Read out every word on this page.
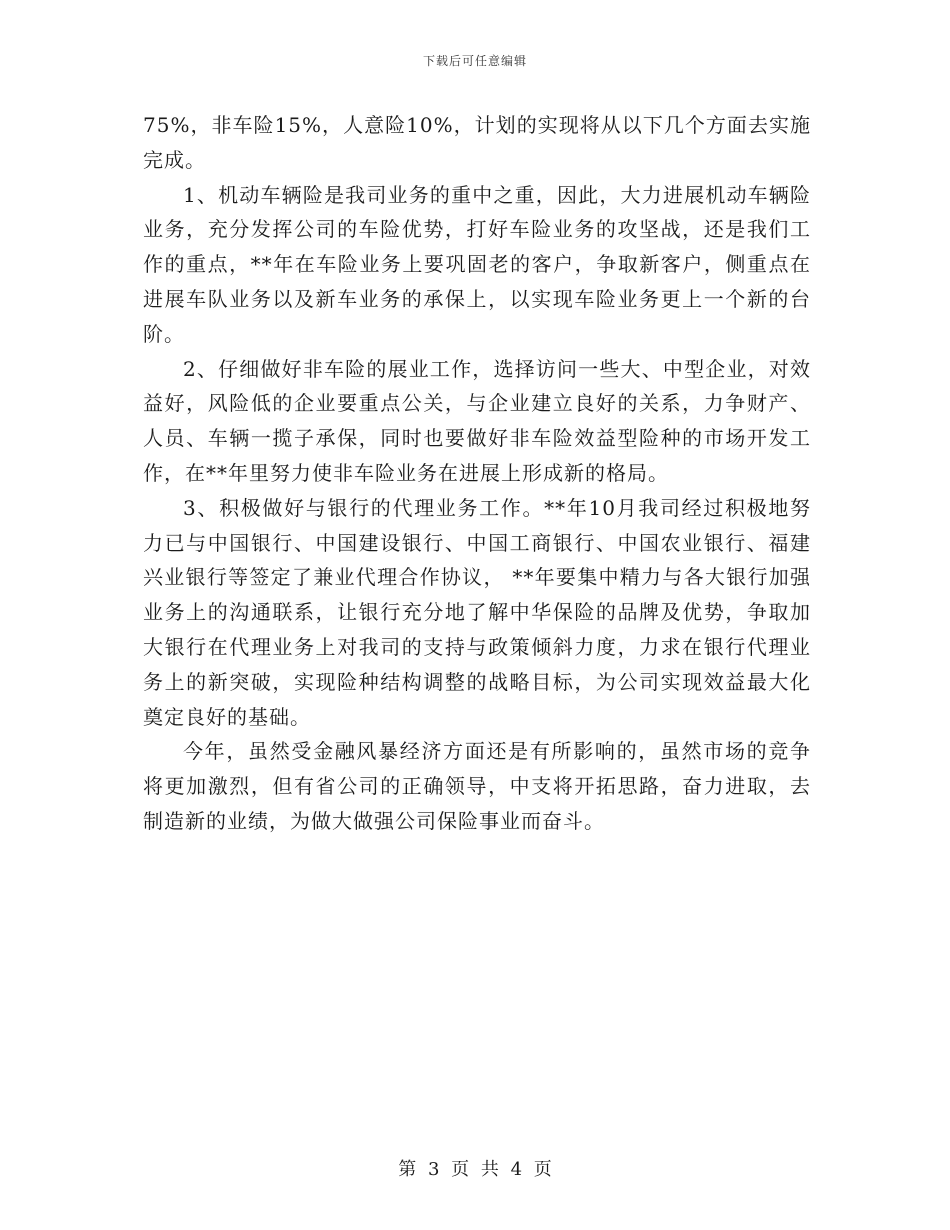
下载后可任意编辑

75%，非车险15%，人意险10%，计划的实现将从以下几个方面去实施完成。

1、机动车辆险是我司业务的重中之重，因此，大力进展机动车辆险业务，充分发挥公司的车险优势，打好车险业务的攻坚战，还是我们工作的重点，**年在车险业务上要巩固老的客户，争取新客户，侧重点在进展车队业务以及新车业务的承保上，以实现车险业务更上一个新的台阶。

2、仔细做好非车险的展业工作，选择访问一些大、中型企业，对效益好，风险低的企业要重点公关，与企业建立良好的关系，力争财产、人员、车辆一揽子承保，同时也要做好非车险效益型险种的市场开发工作，在**年里努力使非车险业务在进展上形成新的格局。

3、积极做好与银行的代理业务工作。**年10月我司经过积极地努力已与中国银行、中国建设银行、中国工商银行、中国农业银行、福建兴业银行等签定了兼业代理合作协议， **年要集中精力与各大银行加强业务上的沟通联系，让银行充分地了解中华保险的品牌及优势，争取加大银行在代理业务上对我司的支持与政策倾斜力度，力求在银行代理业务上的新突破，实现险种结构调整的战略目标，为公司实现效益最大化奠定良好的基础。

今年，虽然受金融风暴经济方面还是有所影响的，虽然市场的竞争将更加激烈，但有省公司的正确领导，中支将开拓思路，奋力进取，去制造新的业绩，为做大做强公司保险事业而奋斗。

第 3 页 共 4 页
